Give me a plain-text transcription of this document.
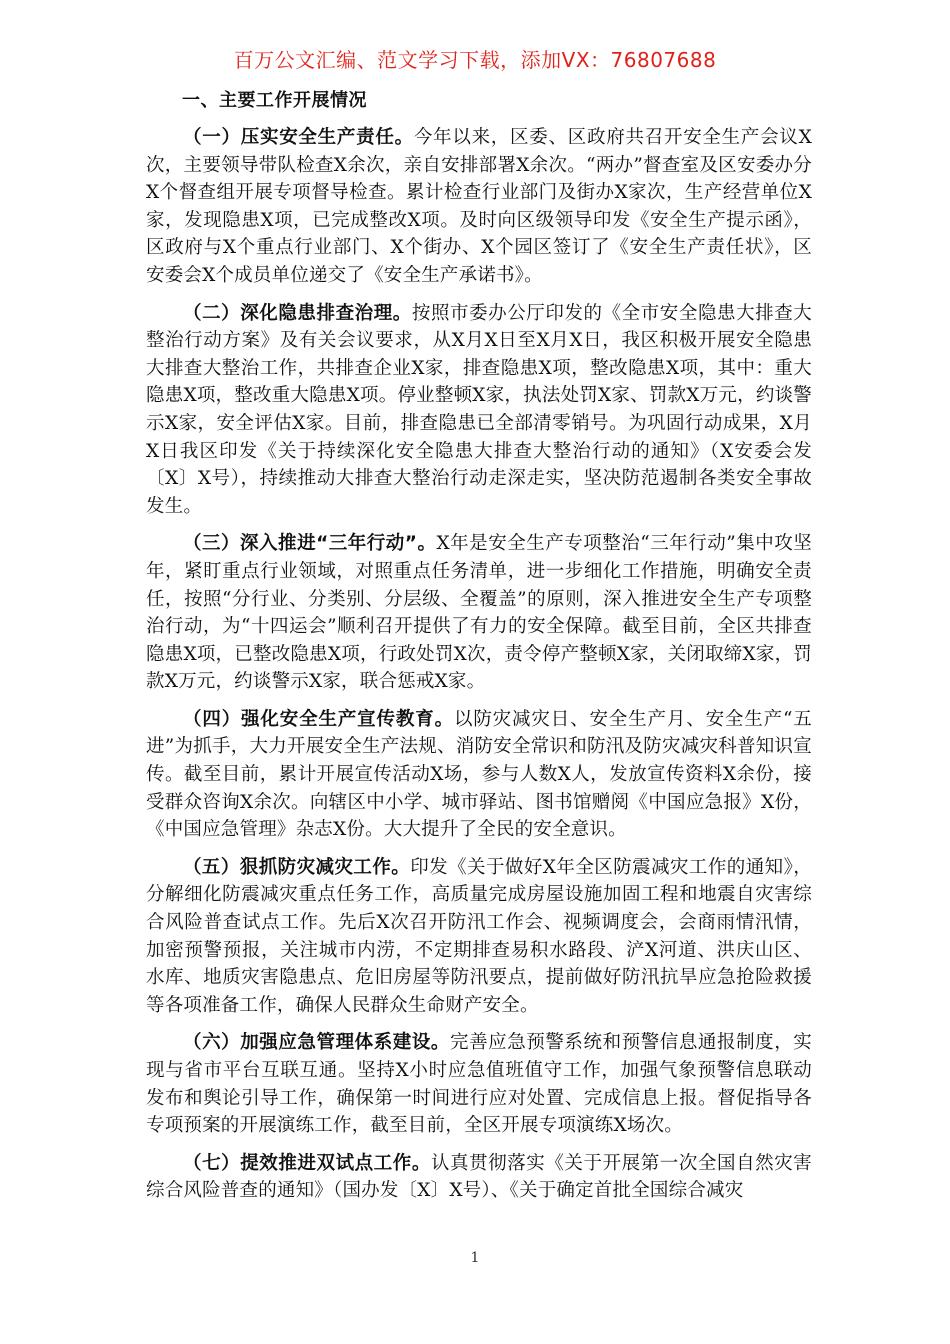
百万公文汇编、范文学习下载，添加VX：76807688
一、主要工作开展情况

（一）压实安全生产责任。今年以来，区委、区政府共召开安全生产会议X次，主要领导带队检查X余次，亲自安排部署X余次。“两办”督查室及区安委办分X个督查组开展专项督导检查。累计检查行业部门及街办X家次，生产经营单位X家，发现隐患X项，已完成整改X项。及时向区级领导印发《安全生产提示函》，区政府与X个重点行业部门、X个街办、X个园区签订了《安全生产责任状》，区安委会X个成员单位递交了《安全生产承诺书》。

（二）深化隐患排查治理。按照市委办公厅印发的《全市安全隐患大排查大整治行动方案》及有关会议要求，从X月X日至X月X日，我区积极开展安全隐患大排查大整治工作，共排查企业X家，排查隐患X项，整改隐患X项，其中：重大隐患X项，整改重大隐患X项。停业整顿X家，执法处罚X家、罚款X万元，约谈警示X家，安全评估X家。目前，排查隐患已全部清零销号。为巩固行动成果，X月X日我区印发《关于持续深化安全隐患大排查大整治行动的通知》（X安委会发〔X〕X号），持续推动大排查大整治行动走深走实，坚决防范遏制各类安全事故发生。

（三）深入推进“三年行动”。X年是安全生产专项整治“三年行动”集中攻坚年，紧盯重点行业领域，对照重点任务清单，进一步细化工作措施，明确安全责任，按照“分行业、分类别、分层级、全覆盖”的原则，深入推进安全生产专项整治行动，为“十四运会”顺利召开提供了有力的安全保障。截至目前，全区共排查隐患X项，已整改隐患X项，行政处罚X次，责令停产整顿X家，关闭取缔X家，罚款X万元，约谈警示X家，联合惩戒X家。

（四）强化安全生产宣传教育。以防灾减灾日、安全生产月、安全生产“五进”为抓手，大力开展安全生产法规、消防安全常识和防汛及防灾减灾科普知识宣传。截至目前，累计开展宣传活动X场，参与人数X人，发放宣传资料X余份，接受群众咨询X余次。向辖区中小学、城市驿站、图书馆赠阅《中国应急报》X份，《中国应急管理》杂志X份。大大提升了全民的安全意识。

（五）狠抓防灾减灾工作。印发《关于做好X年全区防震减灾工作的通知》，分解细化防震减灾重点任务工作，高质量完成房屋设施加固工程和地震自灾害综合风险普查试点工作。先后X次召开防汛工作会、视频调度会，会商雨情汛情，加密预警预报，关注城市内涝，不定期排查易积水路段、浐X河道、洪庆山区、水库、地质灾害隐患点、危旧房屋等防汛要点，提前做好防汛抗旱应急抢险救援等各项准备工作，确保人民群众生命财产安全。

（六）加强应急管理体系建设。完善应急预警系统和预警信息通报制度，实现与省市平台互联互通。坚持X小时应急值班值守工作，加强气象预警信息联动发布和舆论引导工作，确保第一时间进行应对处置、完成信息上报。督促指导各专项预案的开展演练工作，截至目前，全区开展专项演练X场次。

（七）提效推进双试点工作。认真贯彻落实《关于开展第一次全国自然灾害综合风险普查的通知》（国办发〔X〕X号）、《关于确定首批全国综合减灾

1
